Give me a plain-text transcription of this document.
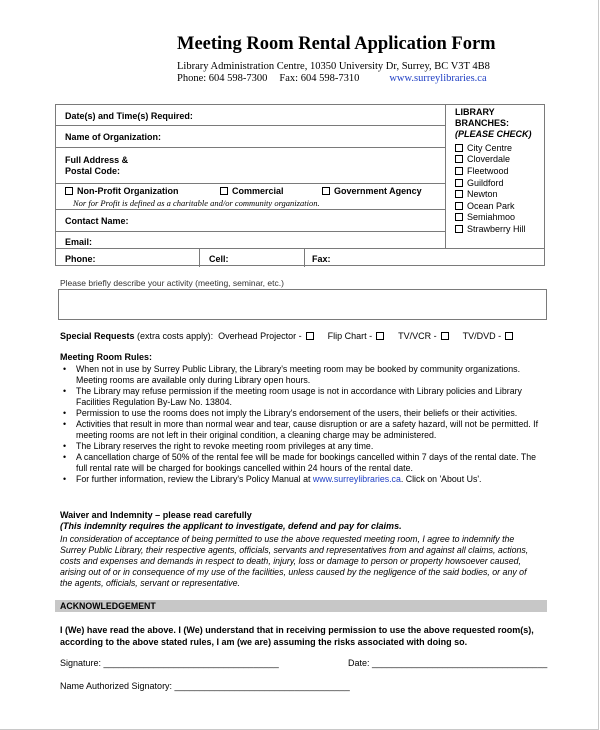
Meeting Room Rental Application Form
Library Administration Centre, 10350 University Dr, Surrey, BC V3T 4B8
Phone: 604 598-7300 Fax: 604 598-7310	www.surreylibraries.ca
Date(s) and Time(s) Required:
Name of Organization:
Full Address &
Postal Code:
Non-Profit Organization	Commercial	Government Agency
Nor for Profit is defined as a charitable and/or community organization.
Contact Name:
Email:
LIBRARY
BRANCHES:
(PLEASE CHECK)
City Centre
Cloverdale
Fleetwood
Guildford
Newton
Ocean Park
Semiahmoo
Strawberry Hill
Phone:	Cell:	Fax:
Please briefly describe your activity (meeting, seminar, etc.)
Special Requests
(extra costs apply): Overhead Projector -	Flip Chart -	TV/VCR -	TV/DVD -
Meeting Room Rules:
• When not in use by Surrey Public Library, the Library's meeting room may be booked by community organizations. Meeting rooms are available only during Library open hours.
• The Library may refuse permission if the meeting room usage is not in accordance with Library policies and Library Facilities Regulation By-Law No. 13804.
• Permission to use the rooms does not imply the Library's endorsement of the users, their beliefs or their activities.
• Activities that result in more than normal wear and tear, cause disruption or are a safety hazard, will not be permitted. If meeting rooms are not left in their original condition, a cleaning charge may be administered.
• The Library reserves the right to revoke meeting room privileges at any time.
• A cancellation charge of 50% of the rental fee will be made for bookings cancelled within 7 days of the rental date. The full rental rate will be charged for bookings cancelled within 24 hours of the rental date.
• For further information, review the Library's Policy Manual at www.surreylibraries.ca. Click on 'About Us'.
Waiver and Indemnity – please read carefully
(This indemnity requires the applicant to investigate, defend and pay for claims.
In consideration of acceptance of being permitted to use the above requested meeting room, I agree to indemnify the Surrey Public Library, their respective agents, officials, servants and representatives from and against all claims, actions, costs and expenses and demands in respect to death, injury, loss or damage to person or property howsoever caused, arising out of or in consequence of my use of the facilities, unless caused by the negligence of the said bodies, or any of the agents, officials, servant or representative.
ACKNOWLEDGEMENT
I (We) have read the above. I (We) understand that in receiving permission to use the above requested room(s), according to the above stated rules, I am (we are) assuming the risks associated with doing so.
Signature: ___________________________________	Date: ___________________________________
Name Authorized Signatory: ___________________________________
